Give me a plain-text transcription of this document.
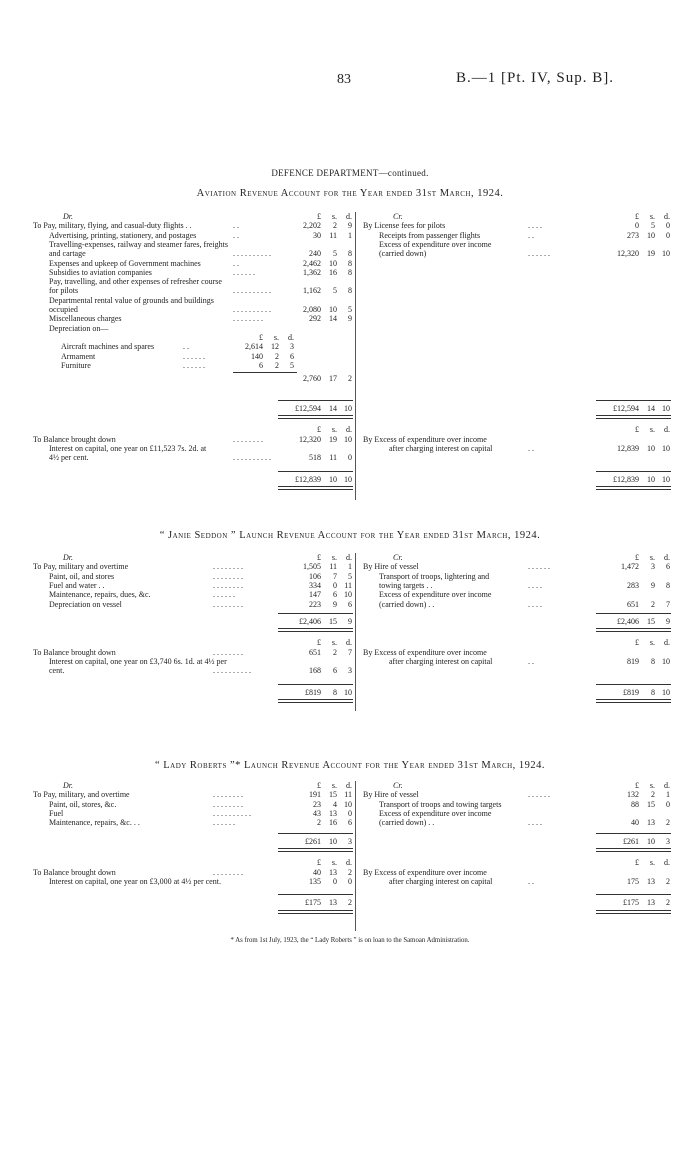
83	B.—1 [Pt. IV, Sup. B].
DEFENCE DEPARTMENT—continued.
Aviation Revenue Account for the Year ended 31st March, 1924.
Dr.	£	s.	d.
To Pay, military, flying, and casual-duty flights . .	. .	2,202	2	9
Advertising, printing, stationery, and postages	. .	30	11	1
Travelling-expenses, railway and steamer fares, freights
and cartage	. . . . . . . . . .	240	5	8
Expenses and upkeep of Government machines	. .	2,462	10	8
Subsidies to aviation companies	. . . . . .	1,362	16	8
Pay, travelling, and other expenses of refresher course
for pilots	. . . . . . . . . .	1,162	5	8
Departmental rental value of grounds and buildings
occupied	. . . . . . . . . .	2,080	10	5
Miscellaneous charges	. . . . . . . .	292	14	9
Depreciation on—
£	s.	d.
Aircraft machines and spares	. .	2,614	12	3
Armament	. . . . . .	140	2	6
Furniture	. . . . . .	6	2	5
2,760	17	2
£12,594	14 10
£	s.	d.
To Balance brought down	. . . . . . . .	12,320	19 10
Interest on capital, one year on £11,523 7s. 2d. at
4½ per cent.	. . . . . . . . . .	518	11	0
£12,839	10 10
Cr.	£	s.	d.
By License fees for pilots	. . . .	0	5	0
Receipts from passenger flights	. .	273	10	0
Excess of expenditure over income
(carried down)	. . . . . .	12,320	19 10
£12,594	14 10
£	s.	d.
By Excess of expenditure over income
after charging interest on capital	. .	12,839	10 10
£12,839	10 10
“ Janie Seddon ” Launch Revenue Account for the Year ended 31st March, 1924.
Dr.	£	s.	d.
To Pay, military and overtime	. . . . . . . .	1,505	11	1
Paint, oil, and stores	. . . . . . . .	106	7	5
Fuel and water . .	. . . . . . . .	334	0 11
Maintenance, repairs, dues, &c.	. . . . . .	147	6 10
Depreciation on vessel	. . . . . . . .	223	9	6
£2,406	15	9
£	s.	d.
To Balance brought down	. . . . . . . .	651	2	7
Interest on capital, one year on £3,740 6s. 1d. at 4½ per
cent.	. . . . . . . . . .	168	6	3
£819	8 10
Cr.	£	s.	d.
By Hire of vessel	. . . . . .	1,472	3	6
Transport of troops, lightering and
towing targets . .	. . . .	283	9	8
Excess of expenditure over income
(carried down) . .	. . . .	651	2	7
£2,406	15	9
£	s.	d.
By Excess of expenditure over income
after charging interest on capital	. .	819	8 10
£819	8 10
“ Lady Roberts ”* Launch Revenue Account for the Year ended 31st March, 1924.
Dr.	£	s.	d.
To Pay, military, and overtime	. . . . . . . .	191	15 11
Paint, oil, stores, &c.	. . . . . . . .	23	4 10
Fuel	. . . . . . . . . .	43	13	0
Maintenance, repairs, &c. . .	. . . . . .	2	16	6
£261	10	3
£	s.	d.
To Balance brought down	. . . . . . . .	40	13	2
Interest on capital, one year on £3,000 at 4½ per cent.	135	0	0
£175	13	2
Cr.	£	s.	d.
By Hire of vessel	. . . . . .	132	2	1
Transport of troops and towing targets	88	15	0
Excess of expenditure over income
(carried down) . .	. . . .	40	13	2
£261	10	3
£	s.	d.
By Excess of expenditure over income
after charging interest on capital	. .	175	13	2
£175	13	2
* As from 1st July, 1923, the “ Lady Roberts ” is on loan to the Samoan Administration.
